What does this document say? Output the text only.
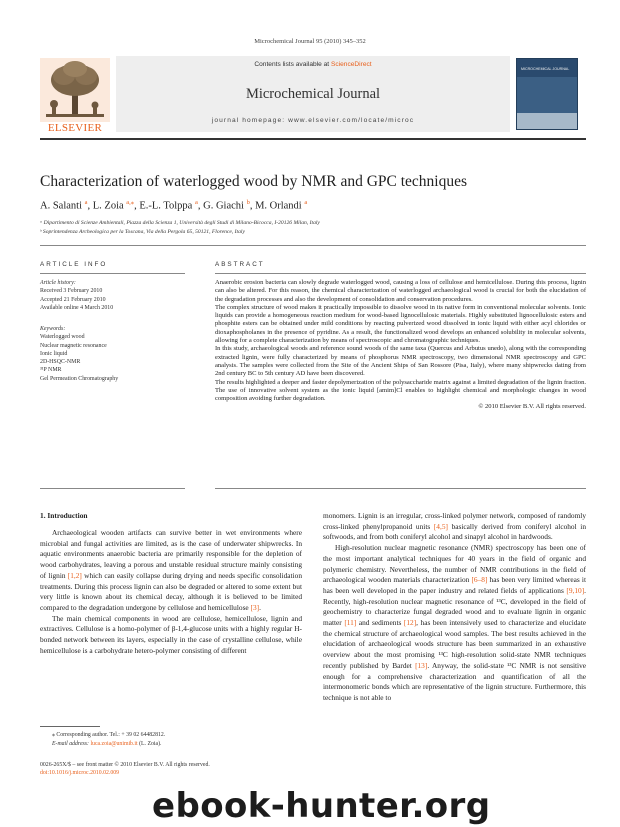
Microchemical Journal 95 (2010) 345–352
ELSEVIER
Contents lists available at ScienceDirect
Microchemical Journal
journal homepage: www.elsevier.com/locate/microc
MICROCHEMICAL JOURNAL
Characterization of waterlogged wood by NMR and GPC techniques
A. Salanti $^a$, L. Zoia $^{a,⁎}$, E.-L. Tolppa $^a$, G. Giachi $^b$, M. Orlandi $^a$
ᵃ Dipartimento di Scienze Ambientali, Piazza della Scienza 1, Università degli Studi di Milano-Bicocca, I-20126 Milan, Italy
ᵇ Soprintendenza Archeologica per la Toscana, Via della Pergola 65, 50121, Florence, Italy
ARTICLE INFO	ABSTRACT
Article history:
Received 3 February 2010
Accepted 21 February 2010
Available online 4 March 2010
Keywords:
Waterlogged wood
Nuclear magnetic resonance
Ionic liquid
2D-HSQC-NMR
³¹P NMR
Gel Permeation Chromatography

Anaerobic erosion bacteria can slowly degrade waterlogged wood, causing a loss of cellulose and hemicellulose. During this process, lignin can also be altered. For this reason, the chemical characterization of waterlogged archaeological wood is crucial for both the elucidation of the degradation processes and also the development of consolidation and conservation procedures.

The complex structure of wood makes it practically impossible to dissolve wood in its native form in conventional molecular solvents. Ionic liquids can provide a homogeneous reaction medium for wood-based lignocellulosic materials. Highly substituted lignocellulosic esters and phosphite esters can be obtained under mild conditions by reacting pulverized wood dissolved in ionic liquid with either acyl chlorides or dioxaphospholanes in the presence of pyridine. As a result, the functionalized wood develops an enhanced solubility in molecular solvents, allowing for a complete characterization by means of spectroscopic and chromatographic techniques.

In this study, archaeological woods and reference sound woods of the same taxa (Quercus and Arbutus unedo), along with the corresponding extracted lignin, were fully characterized by means of phosphorus NMR spectroscopy, two dimensional NMR spectroscopy and GPC analysis. The samples were collected from the Site of the Ancient Ships of San Rossore (Pisa, Italy), where many shipwrecks dating from 2nd century BC to 5th century AD have been discovered.

The results highlighted a deeper and faster depolymerization of the polysaccharide matrix against a limited degradation of the lignin fraction. The use of innovative solvent system as the ionic liquid [amim]Cl enables to highlight chemical and morphologic changes in wood composition avoiding further degradation.

© 2010 Elsevier B.V. All rights reserved.

1. Introduction

Archaeological wooden artifacts can survive better in wet environments where microbial and fungal activities are limited, as is the case of underwater shipwrecks. In aquatic environments anaerobic bacteria are primarily responsible for the depletion of wood carbohydrates, leaving a porous and unstable residual structure mainly consisting of lignin [1,2] which can easily collapse during drying and needs specific consolidation treatments. During this process lignin can also be degraded or altered to some extent but very little is known about its chemical decay, although it is believed to be limited compared to the degradation undergone by cellulose and hemicellulose [3].

The main chemical components in wood are cellulose, hemicellulose, lignin and extractives. Cellulose is a homo-polymer of β-1,4-glucose units with a highly regular H-bonded network between its layers, especially in the case of crystalline cellulose, while hemicellulose is a carbohydrate hetero-polymer consisting of different

monomers. Lignin is an irregular, cross-linked polymer network, composed of randomly cross-linked phenylpropanoid units [4,5] basically derived from coniferyl alcohol in softwoods, and from both coniferyl alcohol and sinapyl alcohol in hardwoods.

High-resolution nuclear magnetic resonance (NMR) spectroscopy has been one of the most important analytical techniques for 40 years in the field of organic and polymeric chemistry. Nevertheless, the number of NMR contributions in the field of archaeological wooden materials characterization [6–8] has been very limited whereas it has been well developed in the paper industry and related fields of applications [9,10]. Recently, high-resolution nuclear magnetic resonance of ¹³C, developed in the field of geochemistry to characterize fungal degraded wood and to evaluate lignin in organic matter [11] and sediments [12], has been intensively used to characterize and elucidate the chemical structure of archaeological wood samples. The best results achieved in the elucidation of archaeological woods structure has been summarized in an exhaustive overview about the most promising ¹³C high-resolution solid-state NMR techniques recently published by Bardet [13]. Anyway, the solid-state ¹³C NMR is not sensitive enough for a comprehensive characterization and quantification of all the intermonomeric bonds which are representative of the lignin structure. Furthermore, this technique is not able to

⁎ Corresponding author. Tel.: + 39 02 64482812.
E-mail address: luca.zoia@unimib.it (L. Zoia).
0026-265X/$ – see front matter © 2010 Elsevier B.V. All rights reserved.
doi:10.1016/j.microc.2010.02.009
ebook-hunter.org
